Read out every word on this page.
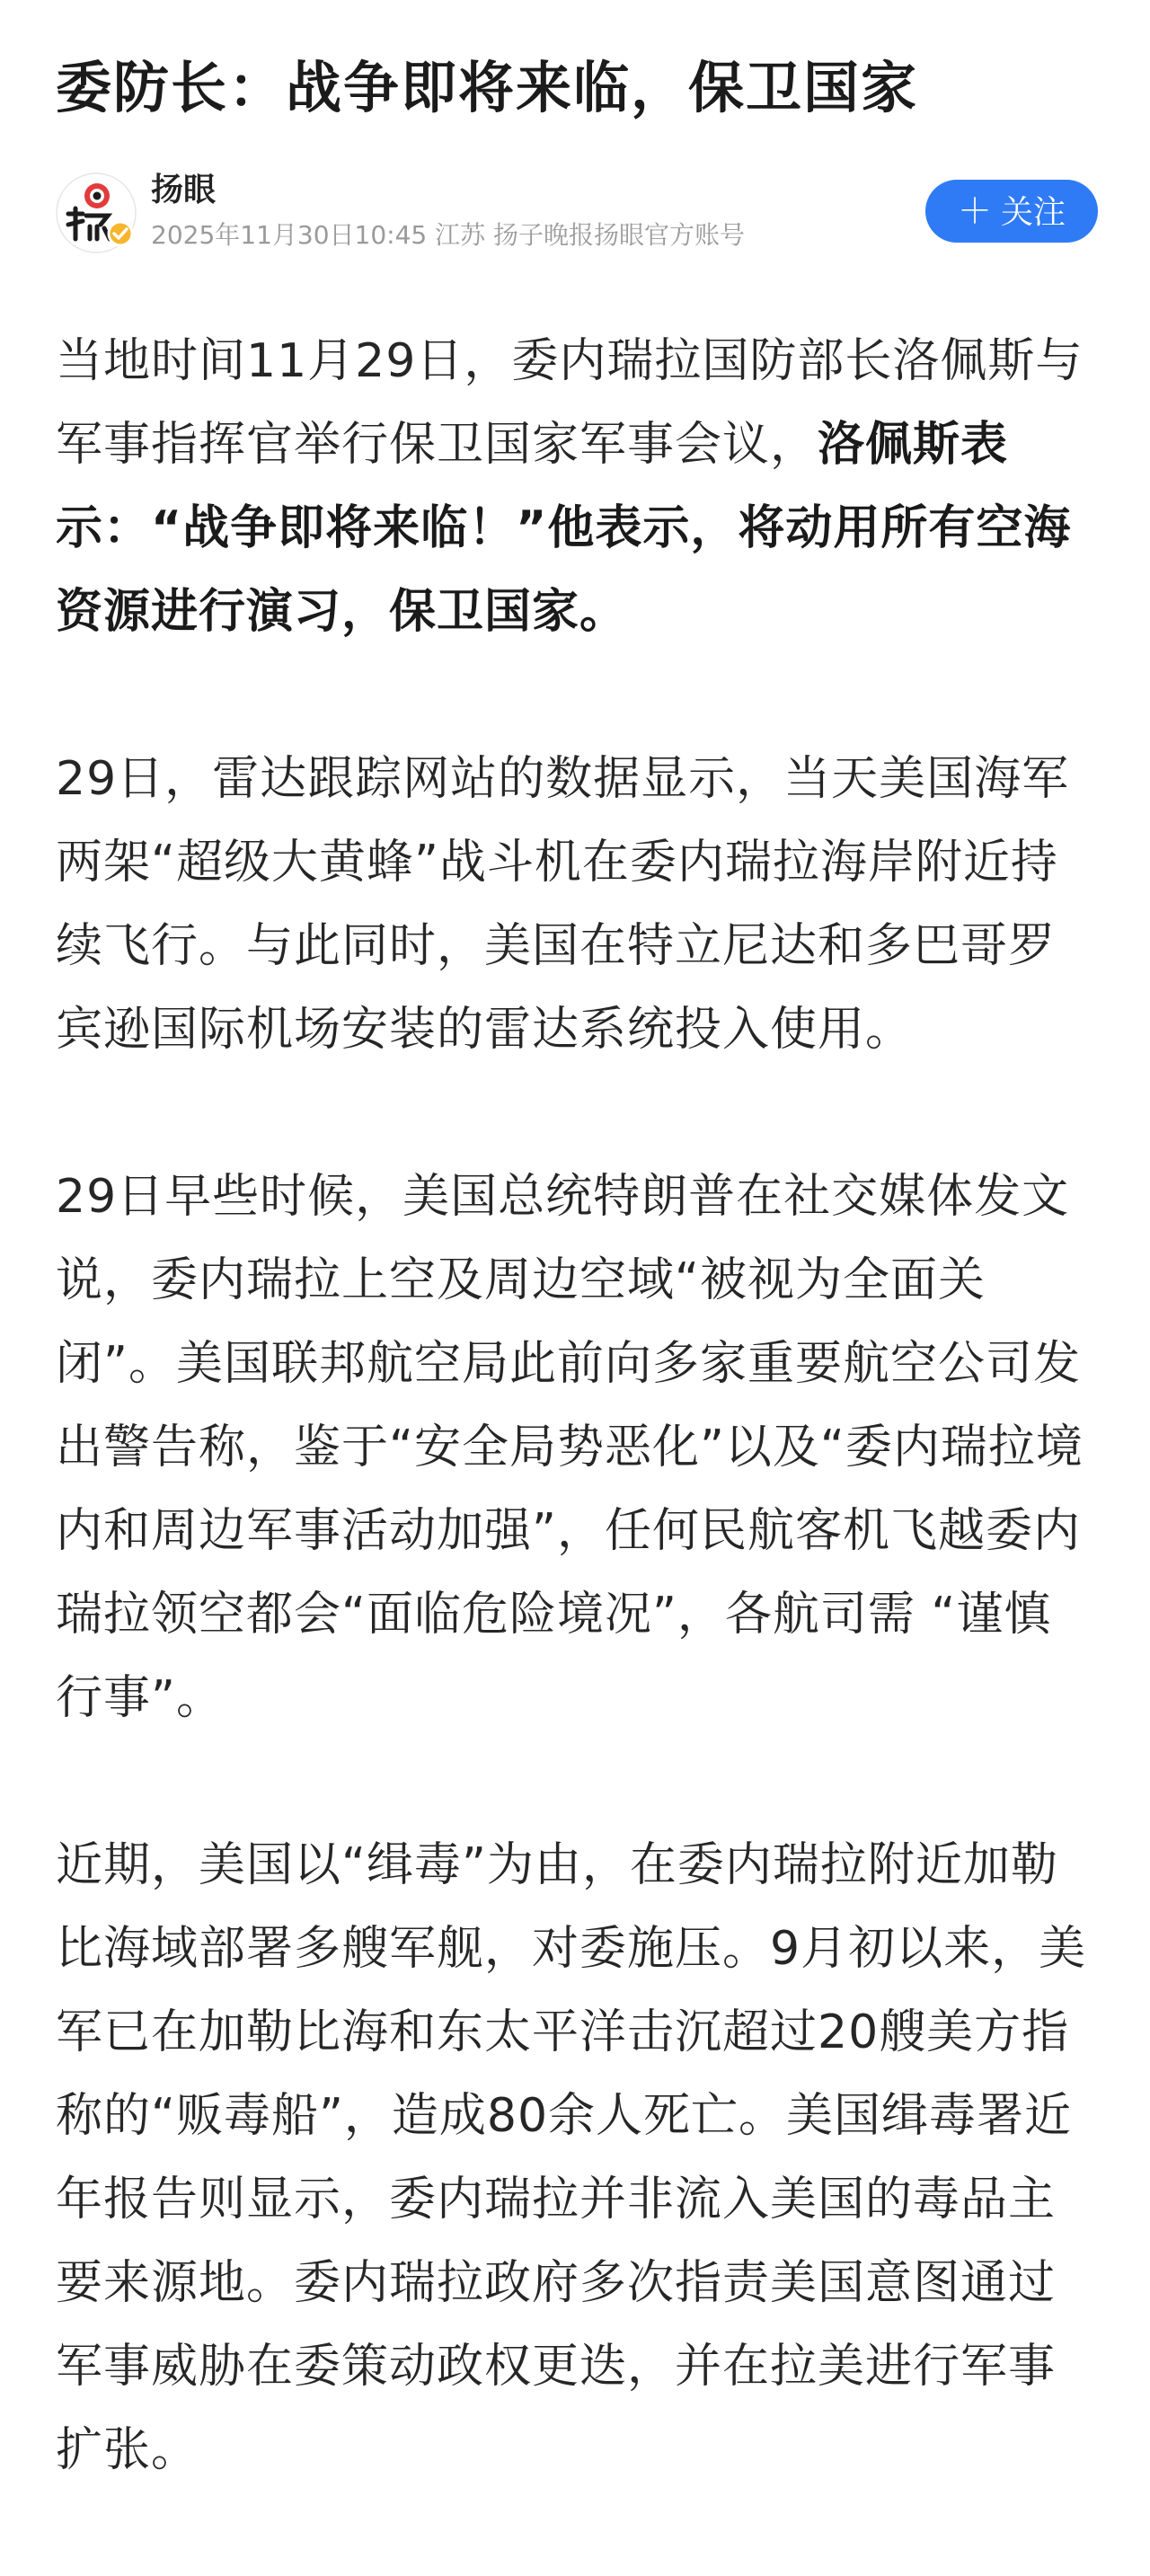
委防长：战争即将来临，保卫国家
扬眼
2025年11月30日10:45 江苏 扬子晚报扬眼官方账号
＋ 关注

当地时间11月29日，委内瑞拉国防部长洛佩斯与军事指挥官举行保卫国家军事会议，洛佩斯表示：“战争即将来临！”他表示，将动用所有空海资源进行演习，保卫国家。

29日，雷达跟踪网站的数据显示，当天美国海军两架“超级大黄蜂”战斗机在委内瑞拉海岸附近持续飞行。与此同时，美国在特立尼达和多巴哥罗宾逊国际机场安装的雷达系统投入使用。

29日早些时候，美国总统特朗普在社交媒体发文说，委内瑞拉上空及周边空域“被视为全面关闭”。美国联邦航空局此前向多家重要航空公司发出警告称，鉴于“安全局势恶化”以及“委内瑞拉境内和周边军事活动加强”，任何民航客机飞越委内瑞拉领空都会“面临危险境况”，各航司需 “谨慎行事”。

近期，美国以“缉毒”为由，在委内瑞拉附近加勒比海域部署多艘军舰，对委施压。9月初以来，美军已在加勒比海和东太平洋击沉超过20艘美方指称的“贩毒船”，造成80余人死亡。美国缉毒署近年报告则显示，委内瑞拉并非流入美国的毒品主要来源地。委内瑞拉政府多次指责美国意图通过军事威胁在委策动政权更迭，并在拉美进行军事扩张。
